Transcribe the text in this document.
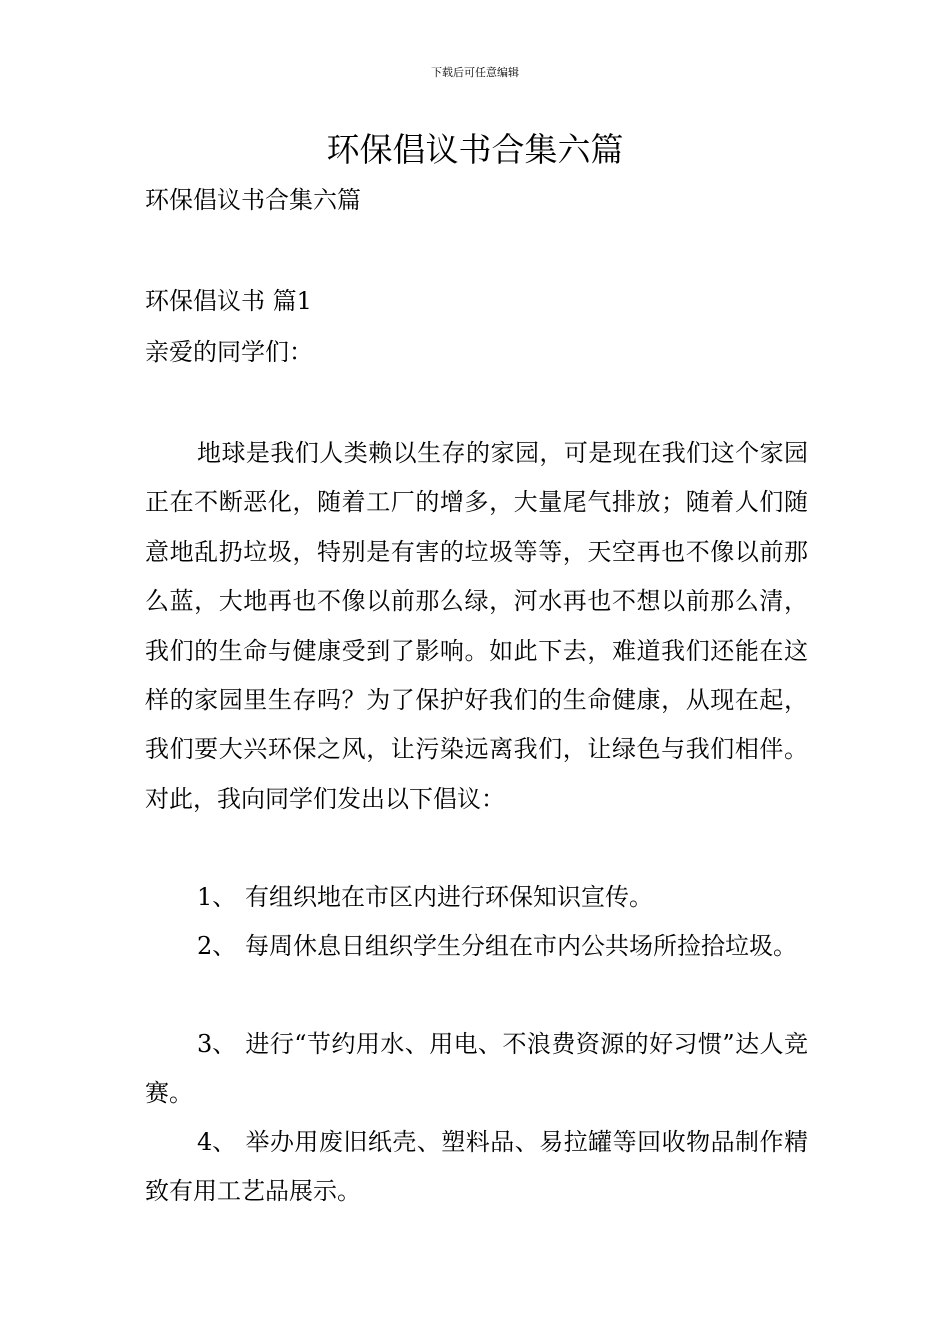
下载后可任意编辑
环保倡议书合集六篇
环保倡议书合集六篇
环保倡议书 篇1
亲爱的同学们：

地球是我们人类赖以生存的家园，可是现在我们这个家园正在不断恶化，随着工厂的增多，大量尾气排放；随着人们随意地乱扔垃圾，特别是有害的垃圾等等，天空再也不像以前那么蓝，大地再也不像以前那么绿，河水再也不想以前那么清，我们的生命与健康受到了影响。如此下去，难道我们还能在这样的家园里生存吗？为了保护好我们的生命健康，从现在起，我们要大兴环保之风，让污染远离我们，让绿色与我们相伴。对此，我向同学们发出以下倡议：

1、 有组织地在市区内进行环保知识宣传。

2、 每周休息日组织学生分组在市内公共场所捡拾垃圾。

3、 进行“节约用水、用电、不浪费资源的好习惯”达人竞赛。

4、 举办用废旧纸壳、塑料品、易拉罐等回收物品制作精致有用工艺品展示。
